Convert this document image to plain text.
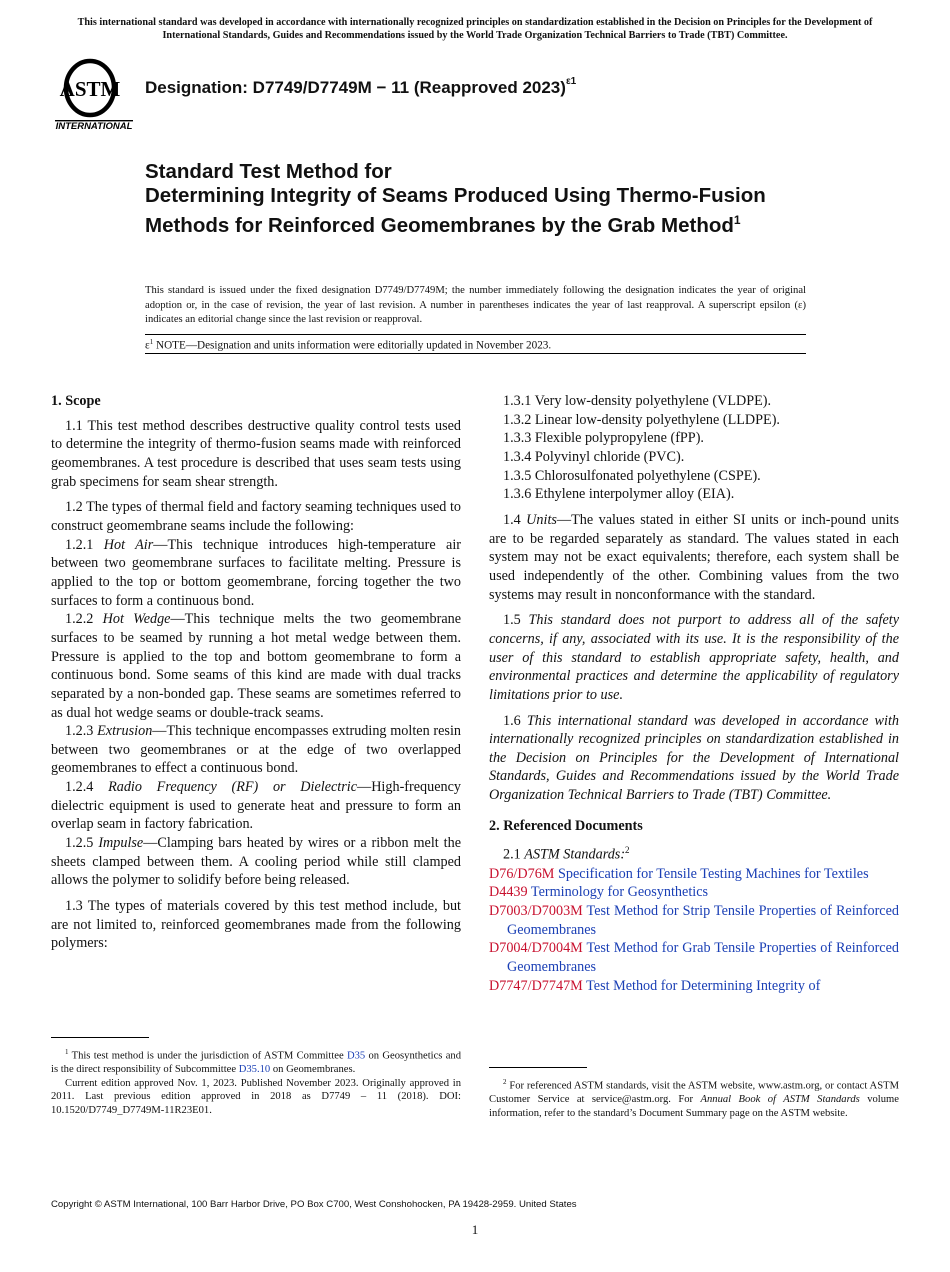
This international standard was developed in accordance with internationally recognized principles on standardization established in the Decision on Principles for the Development of International Standards, Guides and Recommendations issued by the World Trade Organization Technical Barriers to Trade (TBT) Committee.
ASTM
INTERNATIONAL
Designation: D7749/D7749M − 11 (Reapproved 2023)$^{\varepsilon 1}$
Standard Test Method for
Determining Integrity of Seams Produced Using Thermo-Fusion Methods for Reinforced Geomembranes by the Grab Method$^1$
This standard is issued under the fixed designation D7749/D7749M; the number immediately following the designation indicates the year of original adoption or, in the case of revision, the year of last revision. A number in parentheses indicates the year of last reapproval. A superscript epsilon (ε) indicates an editorial change since the last revision or reapproval.
$\varepsilon^1$ NOTE—Designation and units information were editorially updated in November 2023.
1. Scope

1.1 This test method describes destructive quality control tests used to determine the integrity of thermo-fusion seams made with reinforced geomembranes. A test procedure is described that uses seam tests using grab specimens for seam shear strength.

1.2 The types of thermal field and factory seaming techniques used to construct geomembrane seams include the following:

1.2.1 Hot Air—This technique introduces high-temperature air between two geomembrane surfaces to facilitate melting. Pressure is applied to the top or bottom geomembrane, forcing together the two surfaces to form a continuous bond.

1.2.2 Hot Wedge—This technique melts the two geomembrane surfaces to be seamed by running a hot metal wedge between them. Pressure is applied to the top and bottom geomembrane to form a continuous bond. Some seams of this kind are made with dual tracks separated by a non-bonded gap. These seams are sometimes referred to as dual hot wedge seams or double-track seams.

1.2.3 Extrusion—This technique encompasses extruding molten resin between two geomembranes or at the edge of two overlapped geomembranes to effect a continuous bond.

1.2.4 Radio Frequency (RF) or Dielectric—High-frequency dielectric equipment is used to generate heat and pressure to form an overlap seam in factory fabrication.

1.2.5 Impulse—Clamping bars heated by wires or a ribbon melt the sheets clamped between them. A cooling period while still clamped allows the polymer to solidify before being released.

1.3 The types of materials covered by this test method include, but are not limited to, reinforced geomembranes made from the following polymers:

1.3.1 Very low-density polyethylene (VLDPE).

1.3.2 Linear low-density polyethylene (LLDPE).

1.3.3 Flexible polypropylene (fPP).

1.3.4 Polyvinyl chloride (PVC).

1.3.5 Chlorosulfonated polyethylene (CSPE).

1.3.6 Ethylene interpolymer alloy (EIA).

1.4 Units—The values stated in either SI units or inch-pound units are to be regarded separately as standard. The values stated in each system may not be exact equivalents; therefore, each system shall be used independently of the other. Combining values from the two systems may result in nonconformance with the standard.

1.5 This standard does not purport to address all of the safety concerns, if any, associated with its use. It is the responsibility of the user of this standard to establish appropriate safety, health, and environmental practices and determine the applicability of regulatory limitations prior to use.

1.6 This international standard was developed in accordance with internationally recognized principles on standardization established in the Decision on Principles for the Development of International Standards, Guides and Recommendations issued by the World Trade Organization Technical Barriers to Trade (TBT) Committee.

2. Referenced Documents

2.1 ASTM Standards:$^2$

D76/D76M Specification for Tensile Testing Machines for Textiles

D4439 Terminology for Geosynthetics

D7003/D7003M Test Method for Strip Tensile Properties of Reinforced Geomembranes

D7004/D7004M Test Method for Grab Tensile Properties of Reinforced Geomembranes

D7747/D7747M Test Method for Determining Integrity of

$^1$ This test method is under the jurisdiction of ASTM Committee D35 on Geosynthetics and is the direct responsibility of Subcommittee D35.10 on Geomembranes.

Current edition approved Nov. 1, 2023. Published November 2023. Originally approved in 2011. Last previous edition approved in 2018 as D7749 – 11 (2018). DOI: 10.1520/D7749_D7749M-11R23E01.

$^2$ For referenced ASTM standards, visit the ASTM website, www.astm.org, or contact ASTM Customer Service at service@astm.org. For Annual Book of ASTM Standards volume information, refer to the standard’s Document Summary page on the ASTM website.

Copyright © ASTM International, 100 Barr Harbor Drive, PO Box C700, West Conshohocken, PA 19428-2959. United States
1
